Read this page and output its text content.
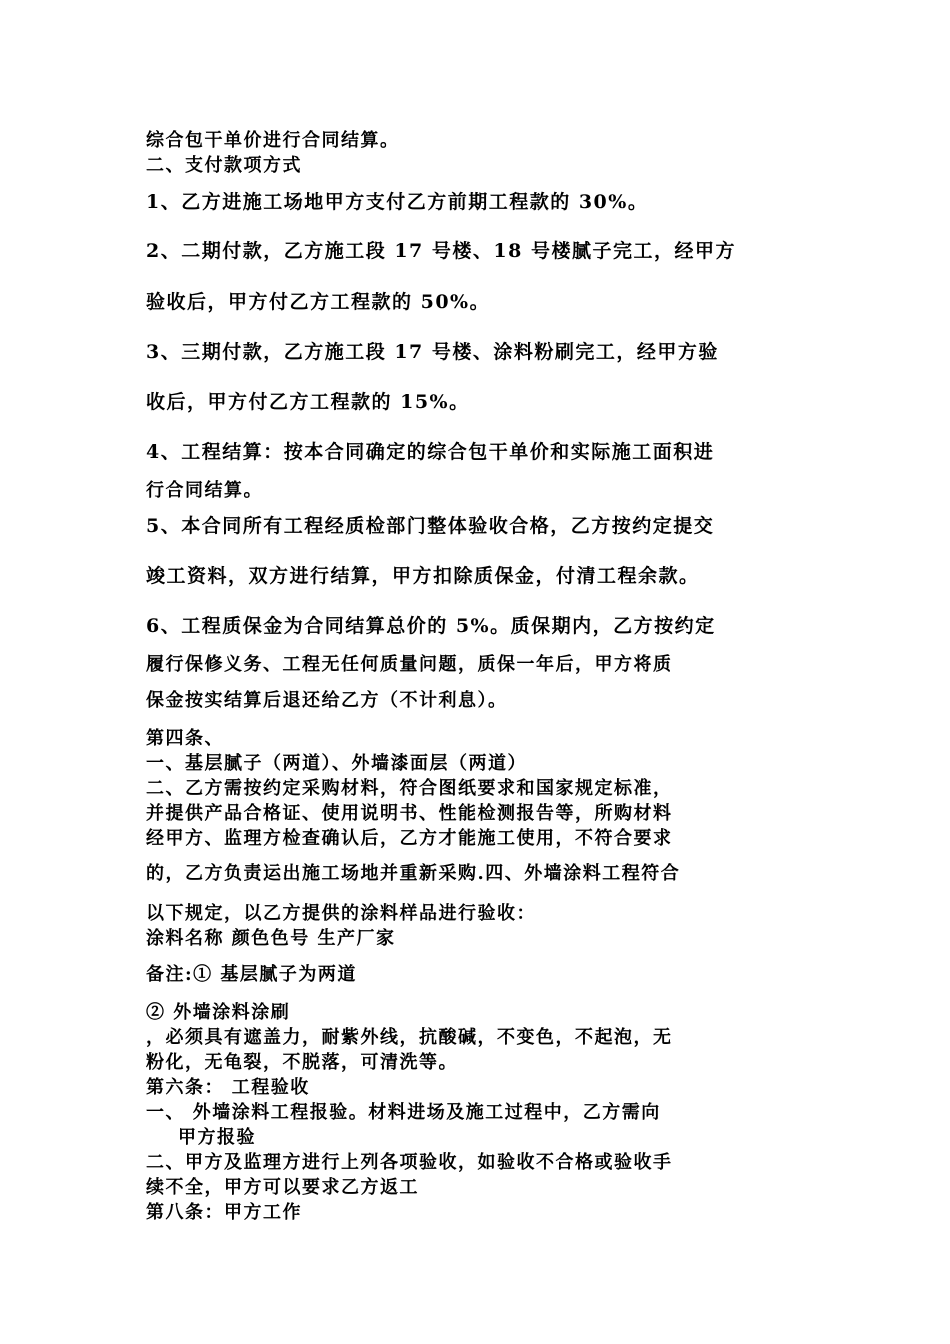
综合包干单价进行合同结算。
二、支付款项方式
1、乙方进施工场地甲方支付乙方前期工程款的 30%。
2、二期付款，乙方施工段 17 号楼、18 号楼腻子完工，经甲方
验收后，甲方付乙方工程款的 50%。
3、三期付款，乙方施工段 17 号楼、涂料粉刷完工，经甲方验
收后，甲方付乙方工程款的 15%。
4、工程结算：按本合同确定的综合包干单价和实际施工面积进
行合同结算。
5、本合同所有工程经质检部门整体验收合格，乙方按约定提交
竣工资料，双方进行结算，甲方扣除质保金，付清工程余款。
6、工程质保金为合同结算总价的 5%。质保期内，乙方按约定
履行保修义务、工程无任何质量问题，质保一年后，甲方将质
保金按实结算后退还给乙方（不计利息）。
第四条、
一、基层腻子（两道）、外墙漆面层（两道）
二、乙方需按约定采购材料，符合图纸要求和国家规定标准，
并提供产品合格证、使用说明书、性能检测报告等，所购材料
经甲方、监理方检查确认后，乙方才能施工使用，不符合要求
的，乙方负责运出施工场地并重新采购.四、外墙涂料工程符合
以下规定，以乙方提供的涂料样品进行验收：
涂料名称 颜色色号 生产厂家
备注:① 基层腻子为两道
② 外墙涂料涂刷
，必须具有遮盖力，耐紫外线，抗酸碱，不变色，不起泡，无
粉化，无龟裂，不脱落，可清洗等。
第六条： 工程验收
一、 外墙涂料工程报验。材料进场及施工过程中，乙方需向
甲方报验
二、甲方及监理方进行上列各项验收，如验收不合格或验收手
续不全，甲方可以要求乙方返工
第八条：甲方工作
